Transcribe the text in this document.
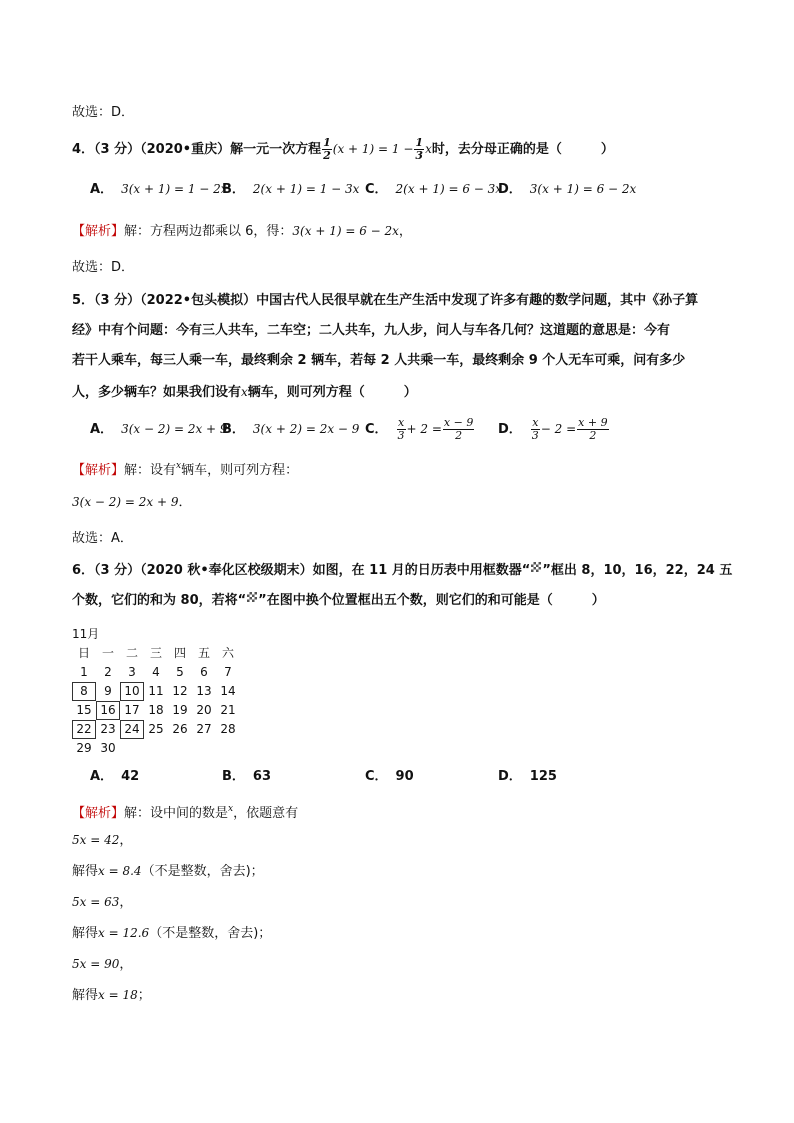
故选：D．
4．（3 分）（2020•重庆）解一元一次方程 $\frac{1}{2} (x + 1) = 1 - \frac{1}{3}$ x时，去分母正确的是（　　　）
A． 3(x + 1) = 1 − 2x
B． 2(x + 1) = 1 − 3x C． 2(x + 1) = 6 − 3x
D． 3(x + 1) = 6 − 2x
【解析】解：方程两边都乘以 6，得：3(x + 1) = 6 − 2x，
故选：D．
5．（3 分）（2022•包头模拟）中国古代人民很早就在生产生活中发现了许多有趣的数学问题，其中《孙子算
经》中有个问题：今有三人共车，二车空；二人共车，九人步，问人与车各几何？这道题的意思是：今有
若干人乘车，每三人乘一车，最终剩余 2 辆车，若每 2 人共乘一车，最终剩余 9 个人无车可乘，问有多少
人，多少辆车？如果我们设有x辆车，则可列方程（　　　）
A． 3(x − 2) = 2x + 9
B． 3(x + 2) = 2x − 9 C． $\frac{x}{3} + 2 = \frac{x - 9}{2}$ D． $\frac{x}{3} - 2 = \frac{x + 9}{2}$
【解析】解：设有$^x$辆车，则可列方程：
3(x − 2) = 2x + 9．
故选：A．
6．（3 分）（2020 秋•奉化区校级期末）如图，在 11 月的日历表中用框数器“ ”框出 8，10，16，22，24 五
个数，它们的和为 80，若将“ ”在图中换个位置框出五个数，则它们的和可能是（　　　）
11月
日 一 二 三 四 五 六
1	2	3	4	5	6	7
8	9	10 11 12 13 14
15 16 17 18 19 20 21
22 23 24 25 26 27 28
29 30
A． 42	B． 63	C． 90	D． 125
【解析】解：设中间的数是$^x$，依题意有
5x = 42，
解得x = 8.4（不是整数，舍去)；
5x = 63，
解得x = 12.6（不是整数，舍去)；
5x = 90，
解得x = 18；
